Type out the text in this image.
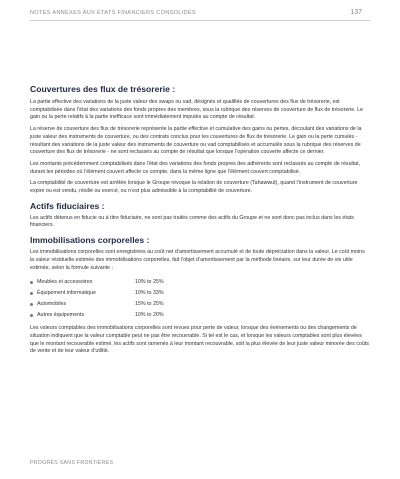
NOTES ANNEXES AUX ÉTATS FINANCIERS CONSOLIDÉS	137
Couvertures des flux de trésorerie :

La partie effective des variations de la juste valeur des swaps ou vad, désignés et qualifiés de couvertures des flux de trésorerie, est comptabilisée dans l’état des variations des fonds propres des membres, sous la rubrique des réserves de couverture de flux de trésorerie. Le gain ou la perte relatifs à la partie inefficace sont immédiatement imputés au compte de résultat.

La réserve de couverture des flux de trésorerie représente la partie effective et cumulative des gains ou pertes, découlant des variations de la juste valeur des instruments de couverture, ou des contrats conclus pour les couvertures de flux de trésorerie. Le gain ou la perte cumulés - résultant des variations de la juste valeur des instruments de couverture ou vad comptabilisés et accumulés sous la rubrique des réserves de couverture des flux de trésorerie - ne sont reclassés au compte de résultat que lorsque l’opération couverte affecte ce dernier.

Les montants précédemment comptabilisés dans l’état des variations des fonds propres des adhérents sont reclassés au compte de résultat, durant les périodes où l’élément couvert affecte ce compte, dans la même ligne que l’élément couvert comptabilisé.

La comptabilité de couverture est arrêtée lorsque le Groupe révoque la relation de couverture (Tahawwut), quand l’instrument de couverture expire ou est vendu, résilié ou exercé, ou n’est plus admissible à la comptabilité de couverture.

Actifs fiduciaires :

Les actifs détenus en fiducie ou à titre fiduciaire, ne sont pas traités comme des actifs du Groupe et ne sont donc pas inclus dans les états financiers.

Immobilisations corporelles :

Les immobilisations corporelles sont enregistrées au coût net d’amortissement accumulé et de toute dépréciation dans la valeur. Le coût moins la valeur résiduelle estimée des immobilisations corporelles, fait l’objet d’amortissement par la méthode linéaire, sur leur durée de vie utile estimée, selon la formule suivante :

Meubles et accessoires	10% to 25%
Équipement informatique	10% to 33%
Automobiles	15% to 25%
Autres équipements	10% to 20%

Les valeurs comptables des immobilisations corporelles sont revues pour perte de valeur, lorsque des événements ou des changements de situation indiquent que la valeur comptable peut ne pas être recouvrable. Si tel est le cas, et lorsque les valeurs comptables sont plus élevées que le montant recouvrable estimé, les actifs sont ramenés à leur montant recouvrable, soit la plus élevée de leur juste valeur minorée des coûts de vente et de leur valeur d’utilité.

PROGRÈS SANS FRONTIÈRES
